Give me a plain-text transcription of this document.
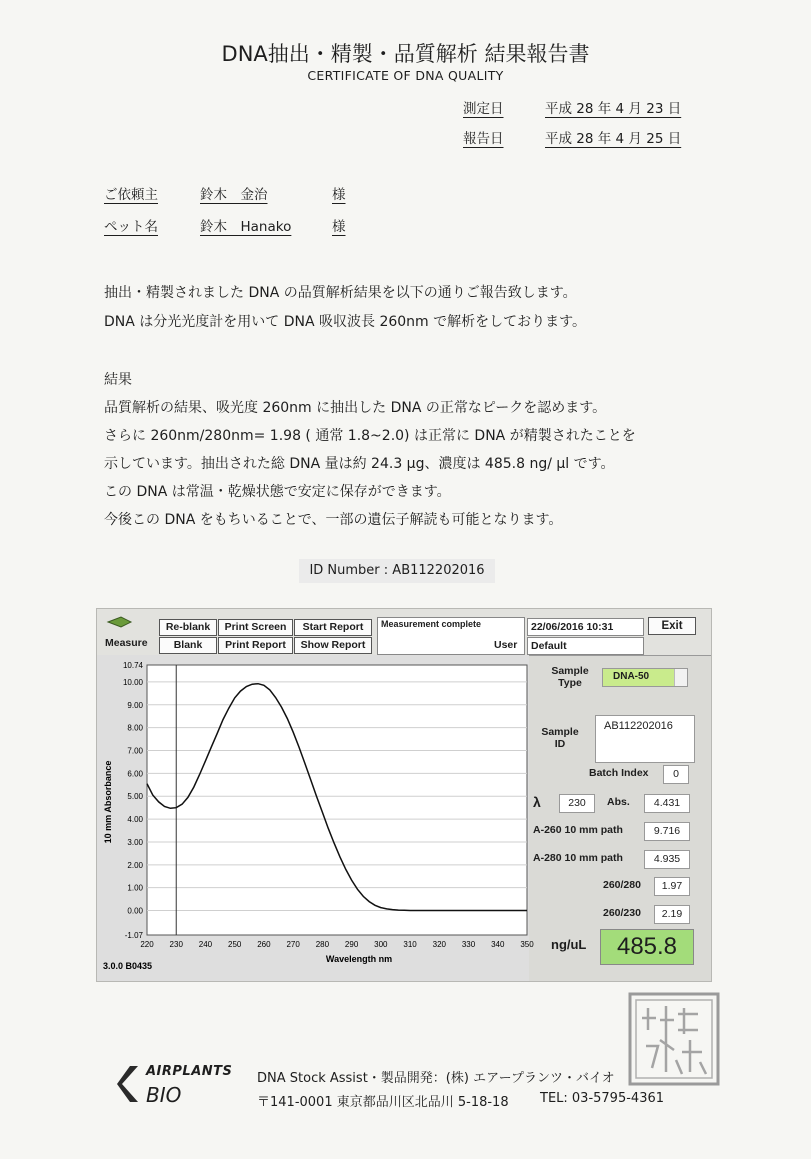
DNA抽出・精製・品質解析 結果報告書
CERTIFICATE OF DNA QUALITY
測定日	平成 28 年 4 月 23 日
報告日	平成 28 年 4 月 25 日
ご依頼主	鈴木　金治	様
ペット名	鈴木　Hanako	様
抽出・精製されました DNA の品質解析結果を以下の通りご報告致します。
DNA は分光光度計を用いて DNA 吸収波長 260nm で解析をしております。
結果
品質解析の結果、吸光度 260nm に抽出した DNA の正常なピークを認めます。
さらに 260nm/280nm= 1.98 ( 通常 1.8~2.0) は正常に DNA が精製されたことを
示しています。抽出された総 DNA 量は約 24.3 μg、濃度は 485.8 ng/ μl です。
この DNA は常温・乾燥状態で安定に保存ができます。
今後この DNA をもちいることで、一部の遺伝子解読も可能となります。
ID Number : AB112202016
Measure
Re-blank
Blank
Print Screen
Print Report
Start Report
Show Report
Measurement complete
User
22/06/2016 10:31
Default
Exit
10.74
10.00
9.00
8.00
7.00
6.00
5.00
4.00
3.00
2.00
1.00
0.00
-1.07
220 230 240 250 260 270 280 290 300 310 320 330 340 350
Wavelength nm
10 mm Absorbance
3.0.0 B0435
Sample
Type
DNA-50
Sample
ID
AB112202016
Batch Index	0
λ	230	Abs.	4.431
A-260 10 mm path	9.716
A-280 10 mm path	4.935
260/280	1.97
260/230	2.19
ng/uL	485.8
AIRPLANTS
BIO
DNA Stock Assist・製品開発：(株) エアープランツ・バイオ
〒141-0001 東京都品川区北品川 5-18-18 TEL: 03-5795-4361
